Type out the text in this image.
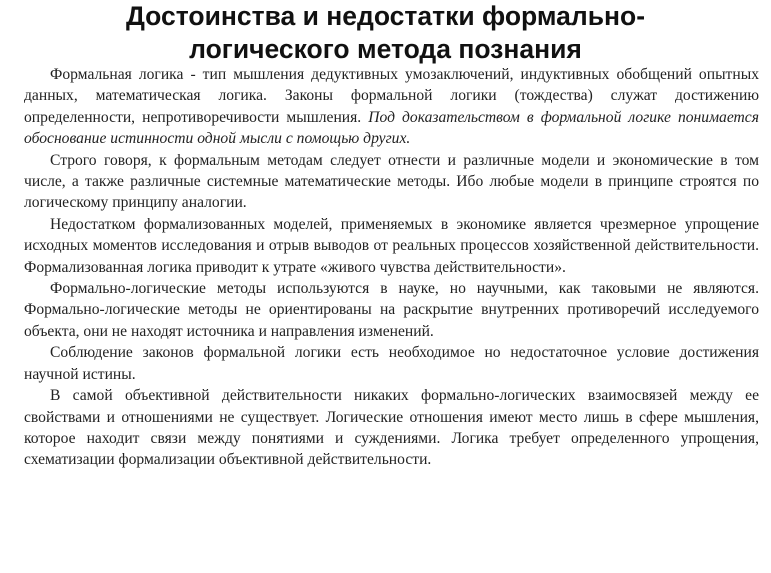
Достоинства и недостатки формально-
логического метода познания

Формальная логика - тип мышления дедуктивных умозаключений, индуктивных обобщений опытных данных, математическая логика. Законы формальной логики (тождества) служат достижению определенности, непротиворечивости мышления. Под доказательством в формальной логике понимается обоснование истинности одной мысли с помощью других.

Строго говоря, к формальным методам следует отнести и различные модели и экономические в том числе, а также различные системные математические методы. Ибо любые модели в принципе строятся по логическому принципу аналогии.

Недостатком формализованных моделей, применяемых в экономике является чрезмерное упрощение исходных моментов исследования и отрыв выводов от реальных процессов хозяйственной действительности. Формализованная логика приводит к утрате «живого чувства действительности».

Формально-логические методы используются в науке, но научными, как таковыми не являются. Формально-логические методы не ориентированы на раскрытие внутренних противоречий исследуемого объекта, они не находят источника и направления изменений.

Соблюдение законов формальной логики есть необходимое но недостаточное условие достижения научной истины.

В самой объективной действительности никаких формально-логических взаимосвязей между ее свойствами и отношениями не существует. Логические отношения имеют место лишь в сфере мышления, которое находит связи между понятиями и суждениями. Логика требует определенного упрощения, схематизации формализации объективной действительности.
